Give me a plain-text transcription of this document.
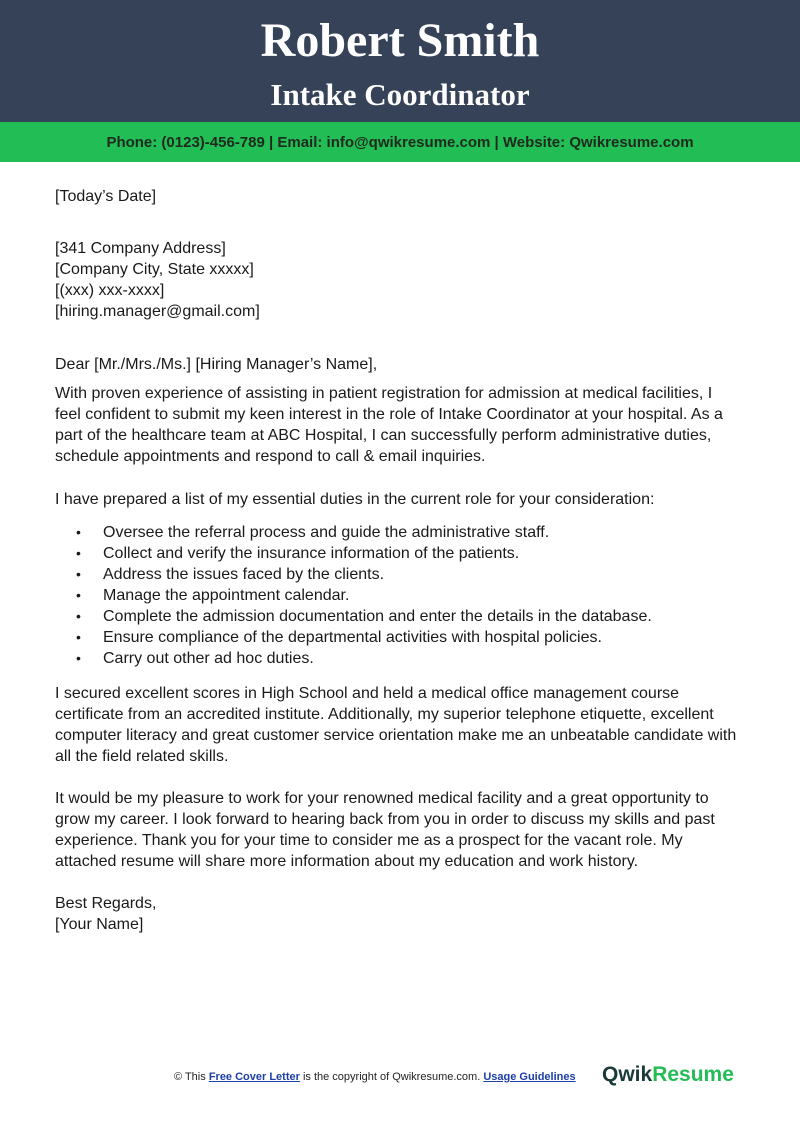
Robert Smith
Intake Coordinator
Phone: (0123)-456-789 | Email: info@qwikresume.com | Website: Qwikresume.com

[Today’s Date]

[341 Company Address]

[Company City, State xxxxx]

[(xxx) xxx-xxxx]

[hiring.manager@gmail.com]

Dear [Mr./Mrs./Ms.] [Hiring Manager’s Name],

With proven experience of assisting in patient registration for admission at medical facilities, I

feel confident to submit my keen interest in the role of Intake Coordinator at your hospital. As a

part of the healthcare team at ABC Hospital, I can successfully perform administrative duties,

schedule appointments and respond to call & email inquiries.

I have prepared a list of my essential duties in the current role for your consideration:

• Oversee the referral process and guide the administrative staff.
• Collect and verify the insurance information of the patients.
• Address the issues faced by the clients.
• Manage the appointment calendar.
• Complete the admission documentation and enter the details in the database.
• Ensure compliance of the departmental activities with hospital policies.
• Carry out other ad hoc duties.

I secured excellent scores in High School and held a medical office management course

certificate from an accredited institute. Additionally, my superior telephone etiquette, excellent

computer literacy and great customer service orientation make me an unbeatable candidate with

all the field related skills.

It would be my pleasure to work for your renowned medical facility and a great opportunity to

grow my career. I look forward to hearing back from you in order to discuss my skills and past

experience. Thank you for your time to consider me as a prospect for the vacant role. My

attached resume will share more information about my education and work history.

Best Regards,

[Your Name]

© This Free Cover Letter is the copyright of Qwikresume.com. Usage Guidelines QwikResume
